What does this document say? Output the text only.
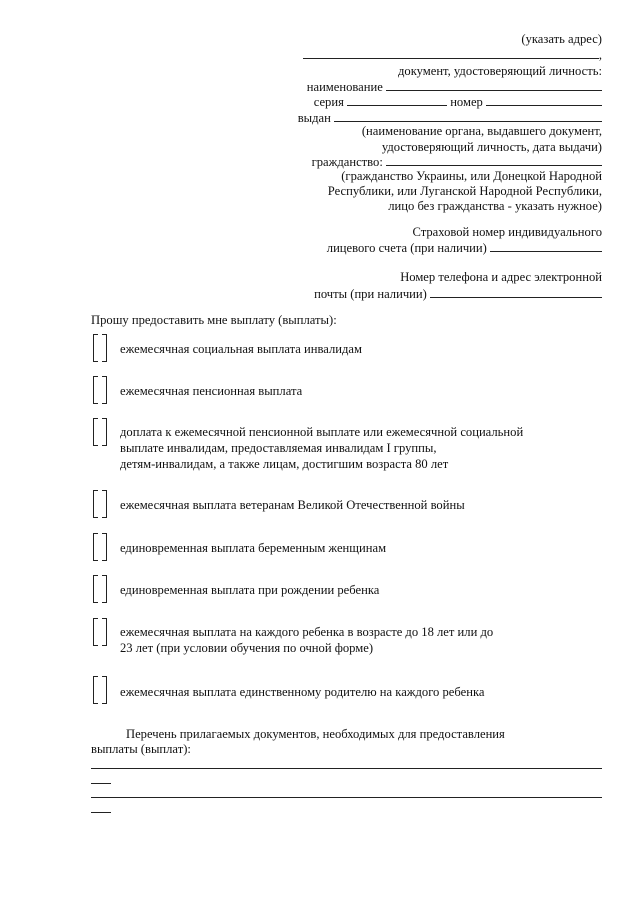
(указать адрес)
,
документ, удостоверяющий личность:
наименование
серия	номер
выдан
(наименование органа, выдавшего документ,
удостоверяющий личность, дата выдачи)
гражданство:
(гражданство Украины, или Донецкой Народной
Республики, или Луганской Народной Республики,
лицо без гражданства - указать нужное)
Страховой номер индивидуального
лицевого счета (при наличии)
Номер телефона и адрес электронной
почты (при наличии)
Прошу предоставить мне выплату (выплаты):
ежемесячная социальная выплата инвалидам
ежемесячная пенсионная выплата
доплата к ежемесячной пенсионной выплате или ежемесячной социальной
выплате инвалидам, предоставляемая инвалидам I группы,
детям-инвалидам, а также лицам, достигшим возраста 80 лет
ежемесячная выплата ветеранам Великой Отечественной войны
единовременная выплата беременным женщинам
единовременная выплата при рождении ребенка
ежемесячная выплата на каждого ребенка в возрасте до 18 лет или до
23 лет (при условии обучения по очной форме)
ежемесячная выплата единственному родителю на каждого ребенка
Перечень прилагаемых документов, необходимых для предоставления
выплаты (выплат):
